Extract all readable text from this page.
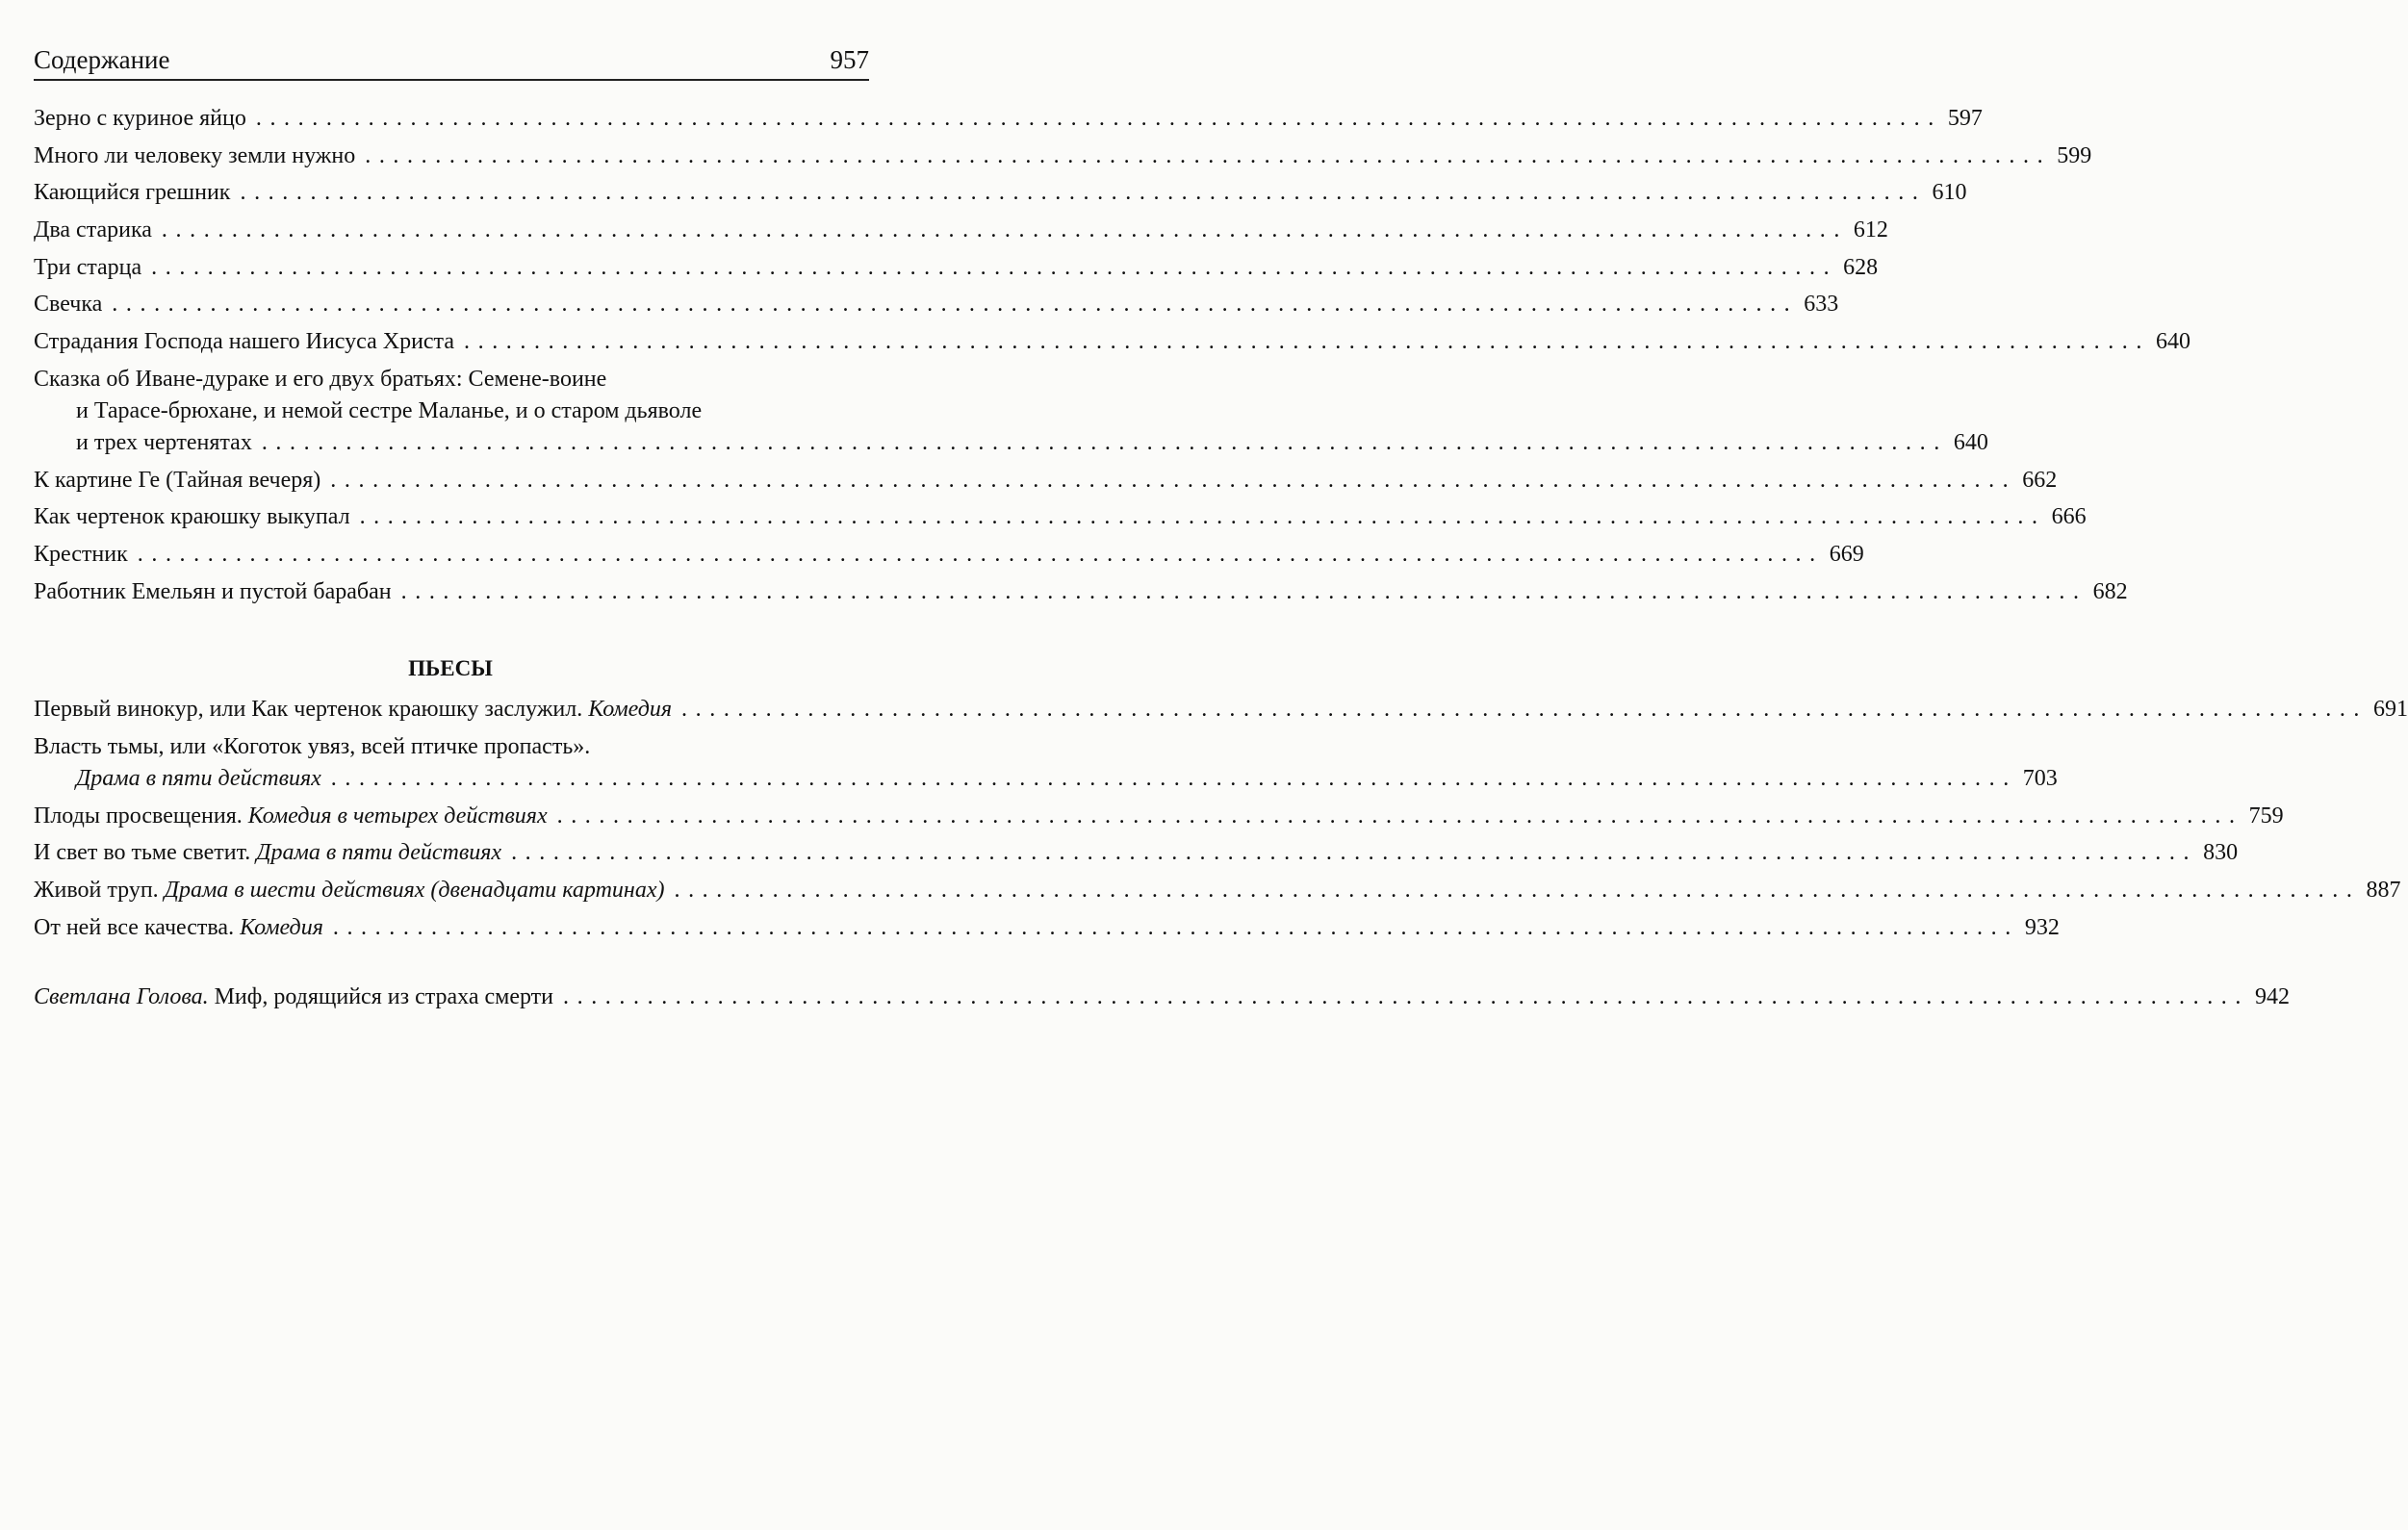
Содержание	957
Зерно с куриное яйцо ........................................................................................................................ 597
Много ли человеку земли нужно ........................................................................................................................ 599
Кающийся грешник ........................................................................................................................ 610
Два старика ........................................................................................................................ 612
Три старца ........................................................................................................................ 628
Свечка ........................................................................................................................ 633
Страдания Господа нашего Иисуса Христа ........................................................................................................................ 640
Сказка об Иване-дураке и его двух братьях: Семене-воине
и Тарасе-брюхане, и немой сестре Маланье, и о старом дьяволе
и трех чертенятах ........................................................................................................................ 640
К картине Ге (Тайная вечеря) ........................................................................................................................ 662
Как чертенок краюшку выкупал ........................................................................................................................ 666
Крестник ........................................................................................................................ 669
Работник Емельян и пустой барабан ........................................................................................................................ 682
ПЬЕСЫ
Первый винокур, или Как чертенок краюшку заслужил. Комедия ........................................................................................................................ 691
Власть тьмы, или «Коготок увяз, всей птичке пропасть».
Драма в пяти действиях ........................................................................................................................ 703
Плоды просвещения. Комедия в четырех действиях ........................................................................................................................ 759
И свет во тьме светит. Драма в пяти действиях ........................................................................................................................ 830
Живой труп. Драма в шести действиях (двенадцати картинах) ........................................................................................................................ 887
От ней все качества. Комедия ........................................................................................................................ 932
Светлана Голова. Миф, родящийся из страха смерти ........................................................................................................................ 942
